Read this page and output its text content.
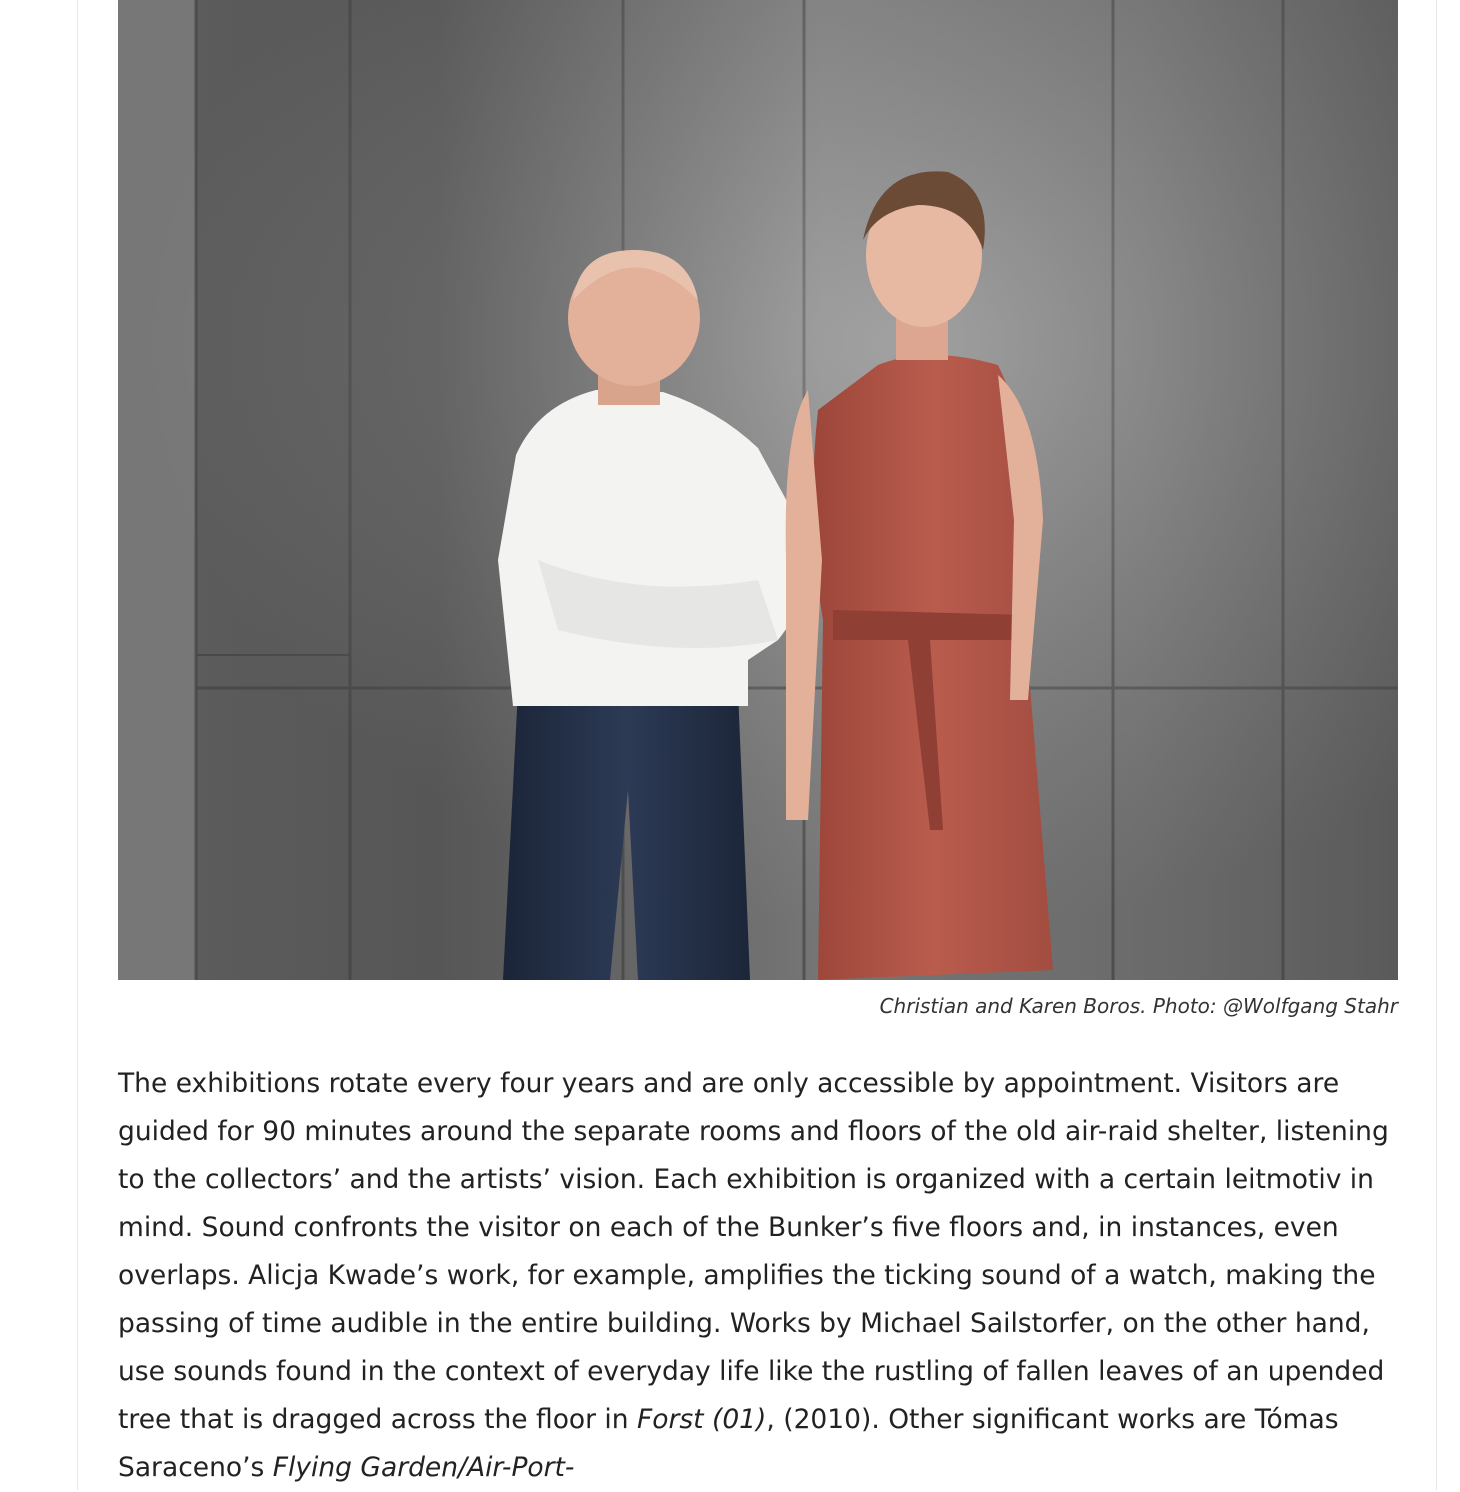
Christian and Karen Boros. Photo: @Wolfgang Stahr

The exhibitions rotate every four years and are only accessible by appointment. Visitors are guided for 90 minutes around the separate rooms and floors of the old air-raid shelter, listening to the collectors’ and the artists’ vision. Each exhibition is organized with a certain leitmotiv in mind. Sound confronts the visitor on each of the Bunker’s five floors and, in instances, even overlaps. Alicja Kwade’s work, for example, amplifies the ticking sound of a watch, making the passing of time audible in the entire building. Works by Michael Sailstorfer, on the other hand, use sounds found in the context of everyday life like the rustling of fallen leaves of an upended tree that is dragged across the floor in Forst (01), (2010). Other significant works are Tómas Saraceno’s Flying Garden/Air-Port-
